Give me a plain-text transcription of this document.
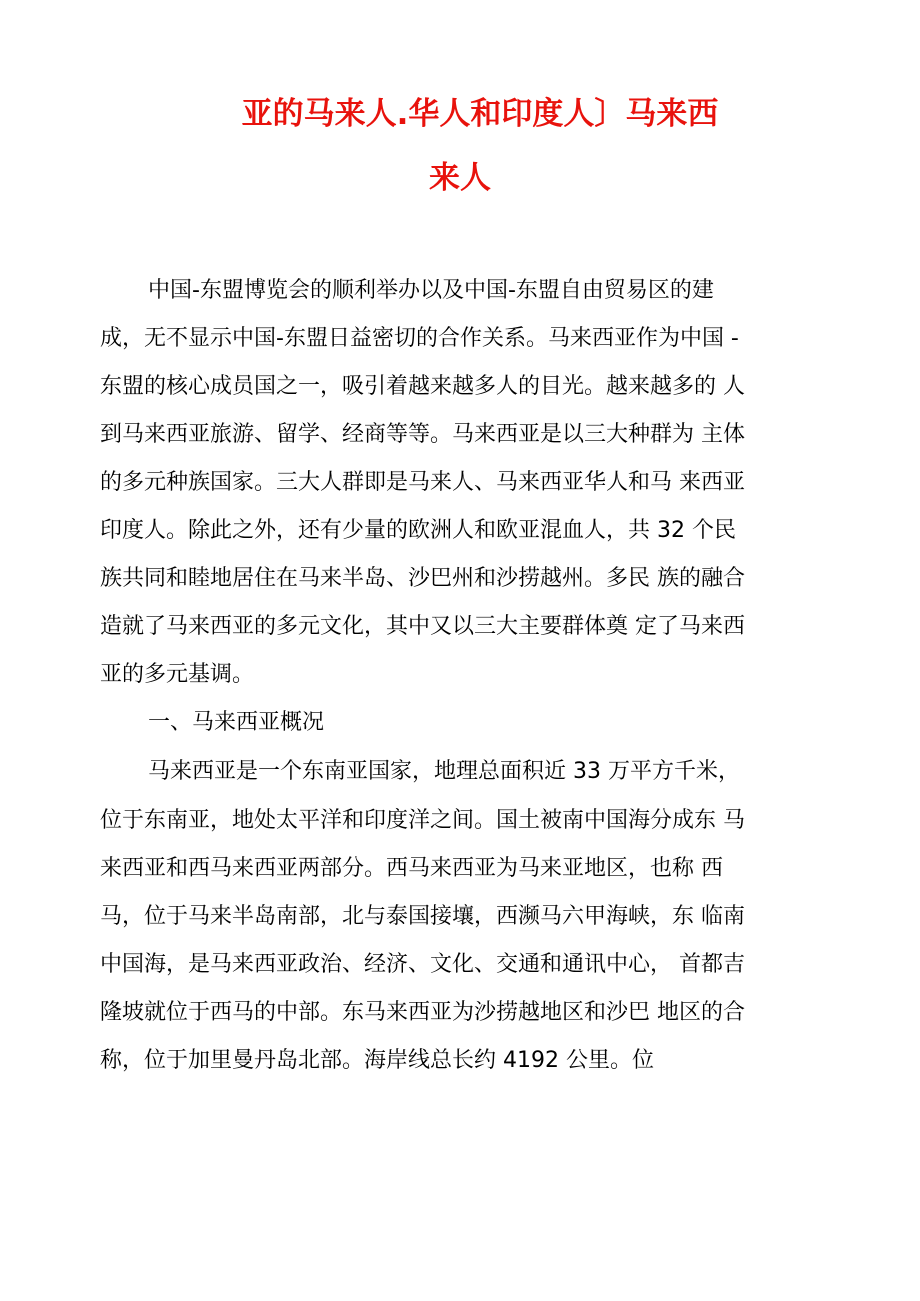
亚的马来人.华人和印度人〕马来西
来人
中国-东盟博览会的顺利举办以及中国-东盟自由贸易区的建
成，无不显示中国-东盟日益密切的合作关系。马来西亚作为中国 -
东盟的核心成员国之一，吸引着越来越多人的目光。越来越多的 人
到马来西亚旅游、留学、经商等等。马来西亚是以三大种群为 主体
的多元种族国家。三大人群即是马来人、马来西亚华人和马 来西亚
印度人。除此之外，还有少量的欧洲人和欧亚混血人，共 32 个民
族共同和睦地居住在马来半岛、沙巴州和沙捞越州。多民 族的融合
造就了马来西亚的多元文化，其中又以三大主要群体奠 定了马来西
亚的多元基调。
一、马来西亚概况
马来西亚是一个东南亚国家，地理总面积近 33 万平方千米，
位于东南亚，地处太平洋和印度洋之间。国土被南中国海分成东 马
来西亚和西马来西亚两部分。西马来西亚为马来亚地区，也称 西
马，位于马来半岛南部，北与泰国接壤，西濒马六甲海峡，东 临南
中国海，是马来西亚政治、经济、文化、交通和通讯中心， 首都吉
隆坡就位于西马的中部。东马来西亚为沙捞越地区和沙巴 地区的合
称，位于加里曼丹岛北部。海岸线总长约 4192 公里。位
